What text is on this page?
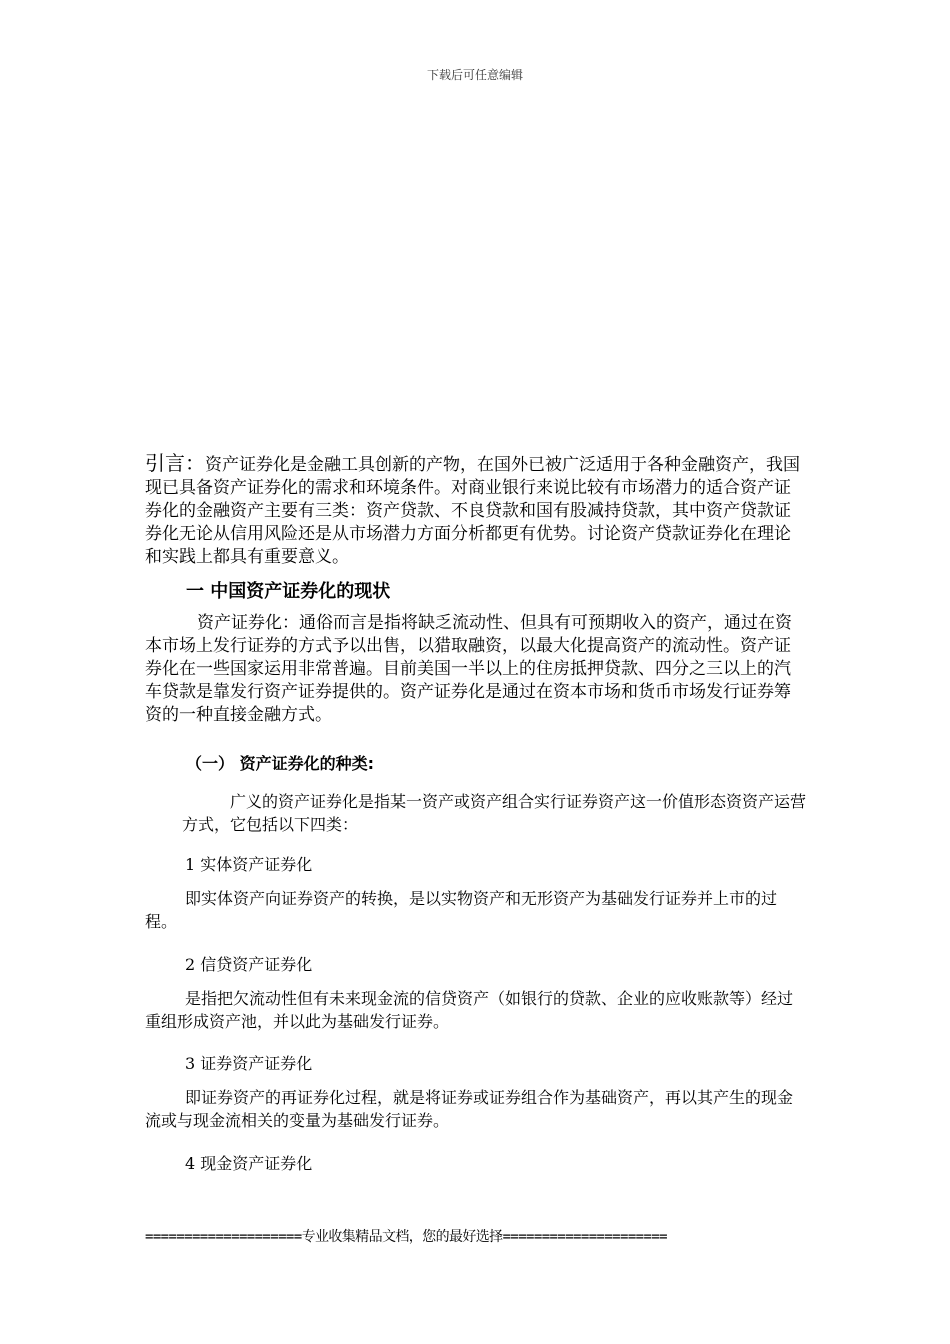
下载后可任意编辑
引言：资产证券化是金融工具创新的产物，在国外已被广泛适用于各种金融资产，我国现已具备资产证券化的需求和环境条件。对商业银行来说比较有市场潜力的适合资产证券化的金融资产主要有三类：资产贷款、不良贷款和国有股减持贷款，其中资产贷款证券化无论从信用风险还是从市场潜力方面分析都更有优势。讨论资产贷款证券化在理论和实践上都具有重要意义。
一 中国资产证券化的现状
资产证券化：通俗而言是指将缺乏流动性、但具有可预期收入的资产，通过在资本市场上发行证券的方式予以出售，以猎取融资，以最大化提高资产的流动性。资产证券化在一些国家运用非常普遍。目前美国一半以上的住房抵押贷款、四分之三以上的汽车贷款是靠发行资产证券提供的。资产证券化是通过在资本市场和货币市场发行证券筹资的一种直接金融方式。
（一） 资产证券化的种类:
广义的资产证券化是指某一资产或资产组合实行证券资产这一价值形态资资产运营方式，它包括以下四类：
1 实体资产证券化
即实体资产向证券资产的转换，是以实物资产和无形资产为基础发行证券并上市的过程。
2 信贷资产证券化
是指把欠流动性但有未来现金流的信贷资产（如银行的贷款、企业的应收账款等）经过重组形成资产池，并以此为基础发行证券。
3 证券资产证券化
即证券资产的再证券化过程，就是将证券或证券组合作为基础资产，再以其产生的现金流或与现金流相关的变量为基础发行证券。
4 现金资产证券化
====================专业收集精品文档，您的最好选择=====================
